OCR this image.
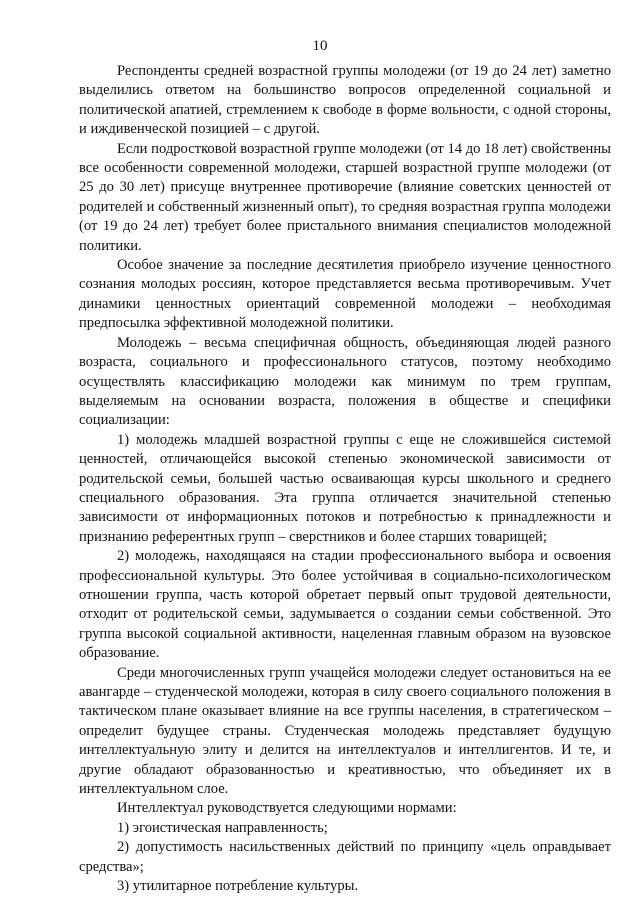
10

Респонденты средней возрастной группы молодежи (от 19 до 24 лет) заметно выделились ответом на большинство вопросов определенной социальной и политической апатией, стремлением к свободе в форме вольности, с одной стороны, и иждивенческой позицией – с другой.

Если подростковой возрастной группе молодежи (от 14 до 18 лет) свойственны все особенности современной молодежи, старшей возрастной группе молодежи (от 25 до 30 лет) присуще внутреннее противоречие (влияние советских ценностей от родителей и собственный жизненный опыт), то средняя возрастная группа молодежи (от 19 до 24 лет) требует более пристального внимания специалистов молодежной политики.

Особое значение за последние десятилетия приобрело изучение ценностного сознания молодых россиян, которое представляется весьма противоречивым. Учет динамики ценностных ориентаций современной молодежи – необходимая предпосылка эффективной молодежной политики.

Молодежь – весьма специфичная общность, объединяющая людей разного возраста, социального и профессионального статусов, поэтому необходимо осуществлять классификацию молодежи как минимум по трем группам, выделяемым на основании возраста, положения в обществе и специфики социализации:

1) молодежь младшей возрастной группы с еще не сложившейся системой ценностей, отличающейся высокой степенью экономической зависимости от родительской семьи, большей частью осваивающая курсы школьного и среднего специального образования. Эта группа отличается значительной степенью зависимости от информационных потоков и потребностью к принадлежности и признанию референтных групп – сверстников и более старших товарищей;

2) молодежь, находящаяся на стадии профессионального выбора и освоения профессиональной культуры. Это более устойчивая в социально-психологическом отношении группа, часть которой обретает первый опыт трудовой деятельности, отходит от родительской семьи, задумывается о создании семьи собственной. Это группа высокой социальной активности, нацеленная главным образом на вузовское образование.

Среди многочисленных групп учащейся молодежи следует остановиться на ее авангарде – студенческой молодежи, которая в силу своего социального положения в тактическом плане оказывает влияние на все группы населения, в стратегическом – определит будущее страны. Студенческая молодежь представляет будущую интеллектуальную элиту и делится на интеллектуалов и интеллигентов. И те, и другие обладают образованностью и креативностью, что объединяет их в интеллектуальном слое.

Интеллектуал руководствуется следующими нормами:

1) эгоистическая направленность;

2) допустимость насильственных действий по принципу «цель оправдывает средства»;

3) утилитарное потребление культуры.
